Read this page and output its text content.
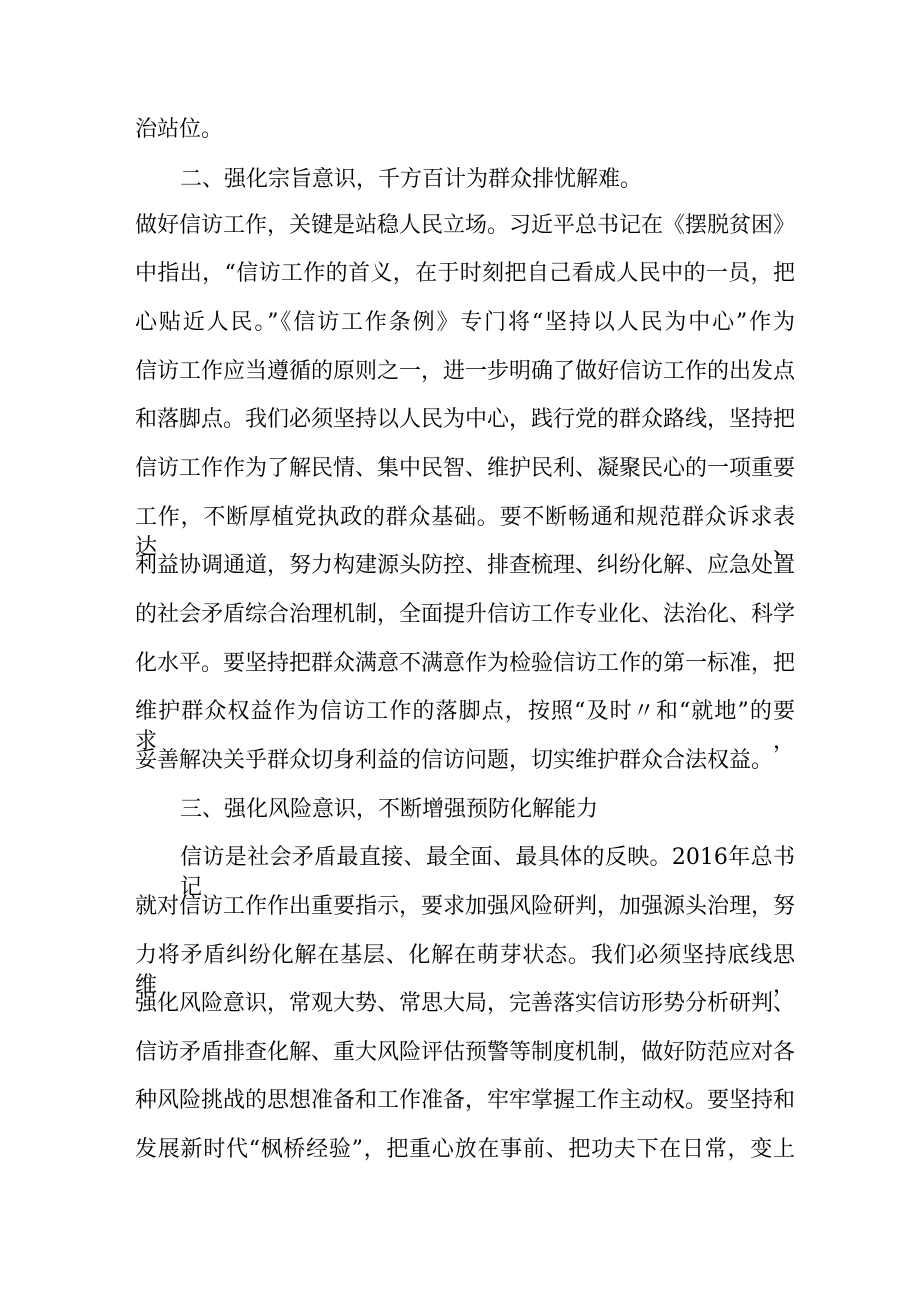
治站位。

二、强化宗旨意识，千方百计为群众排忧解难。

做好信访工作，关键是站稳人民立场。习近平总书记在《摆脱贫困》

中指出，“信访工作的首义，在于时刻把自己看成人民中的一员，把

心贴近人民。”《信访工作条例》专门将“坚持以人民为中心”作为

信访工作应当遵循的原则之一，进一步明确了做好信访工作的出发点

和落脚点。我们必须坚持以人民为中心，践行党的群众路线，坚持把

信访工作作为了解民情、集中民智、维护民利、凝聚民心的一项重要

工作，不断厚植党执政的群众基础。要不断畅通和规范群众诉求表达、

利益协调通道，努力构建源头防控、排查梳理、纠纷化解、应急处置

的社会矛盾综合治理机制，全面提升信访工作专业化、法治化、科学

化水平。要坚持把群众满意不满意作为检验信访工作的第一标准，把

维护群众权益作为信访工作的落脚点，按照“及时〃和“就地”的要求，

妥善解决关乎群众切身利益的信访问题，切实维护群众合法权益。

三、强化风险意识，不断增强预防化解能力

信访是社会矛盾最直接、最全面、最具体的反映。2016年总书记

就对信访工作作出重要指示，要求加强风险研判，加强源头治理，努

力将矛盾纠纷化解在基层、化解在萌芽状态。我们必须坚持底线思维，

强化风险意识，常观大势、常思大局，完善落实信访形势分析研判、

信访矛盾排查化解、重大风险评估预警等制度机制，做好防范应对各

种风险挑战的思想准备和工作准备，牢牢掌握工作主动权。要坚持和

发展新时代“枫桥经验”，把重心放在事前、把功夫下在日常，变上
